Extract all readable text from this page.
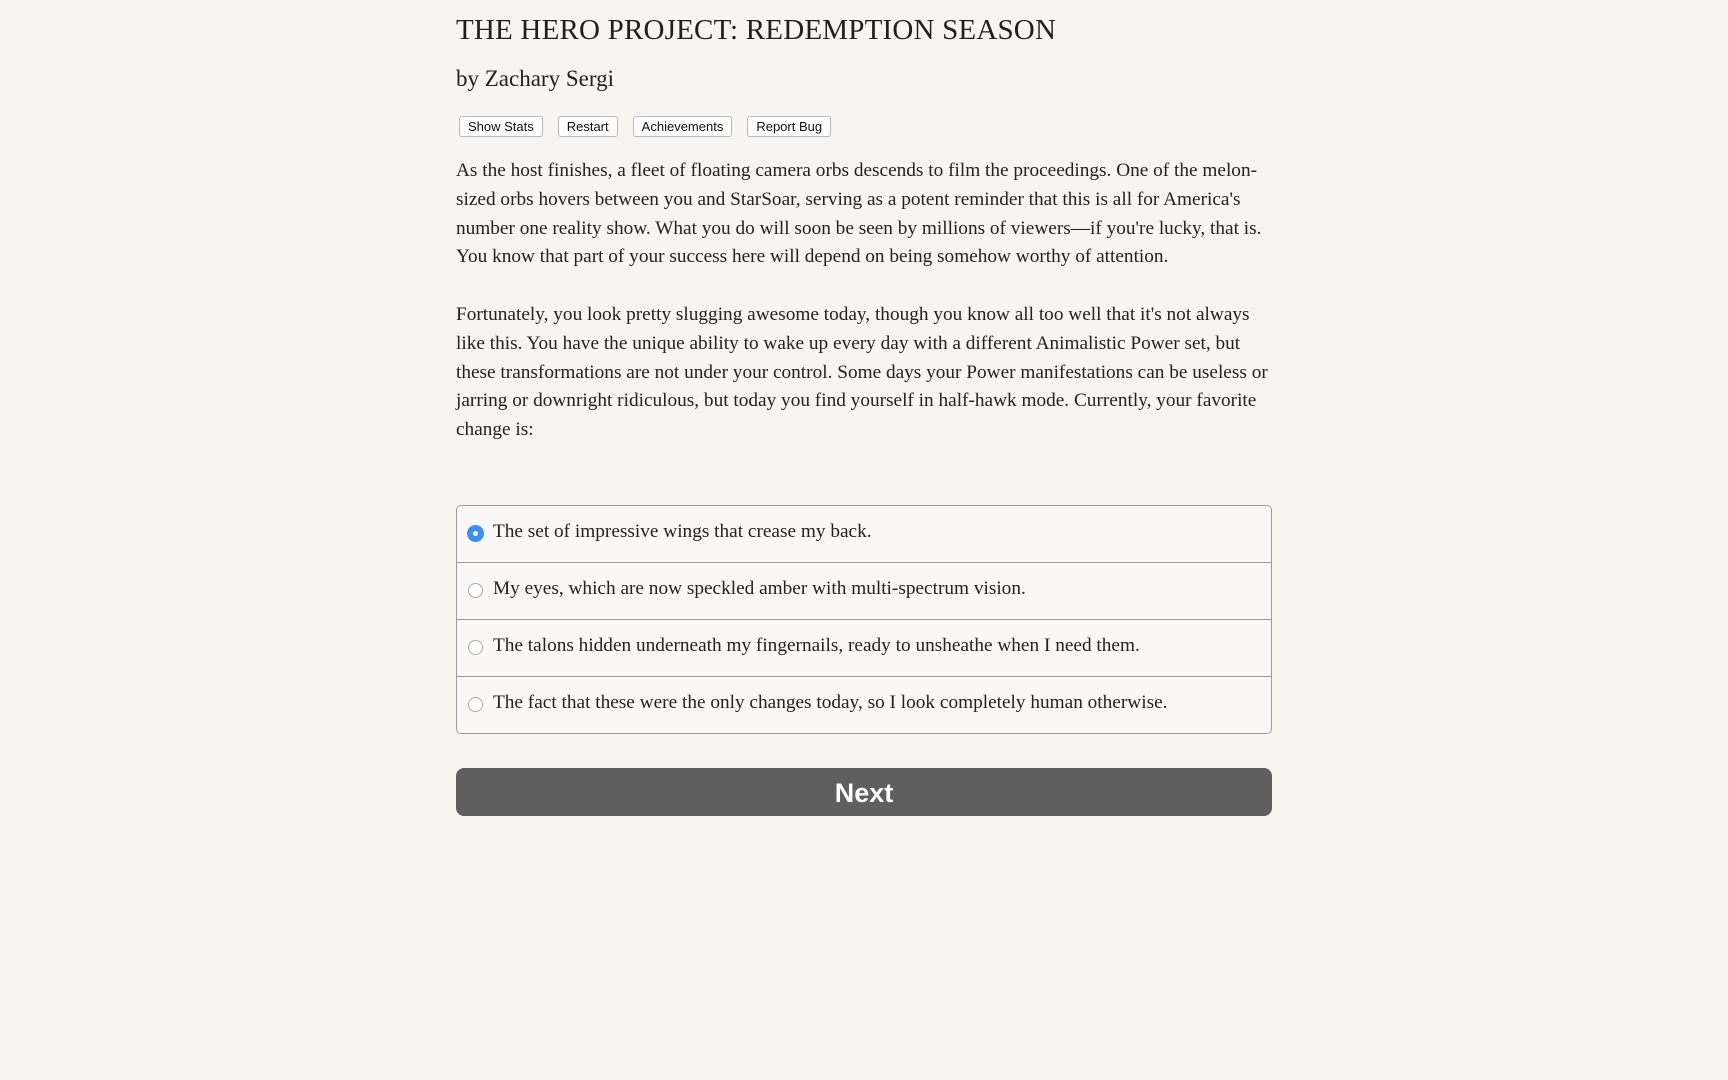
THE HERO PROJECT: REDEMPTION SEASON
by Zachary Sergi
Show Stats	Restart	Achievements	Report Bug

As the host finishes, a fleet of floating camera orbs descends to film the proceedings. One of the melon-sized orbs hovers between you and StarSoar, serving as a potent reminder that this is all for America's number one reality show. What you do will soon be seen by millions of viewers—if you're lucky, that is. You know that part of your success here will depend on being somehow worthy of attention.

Fortunately, you look pretty slugging awesome today, though you know all too well that it's not always like this. You have the unique ability to wake up every day with a different Animalistic Power set, but these transformations are not under your control. Some days your Power manifestations can be useless or jarring or downright ridiculous, but today you find yourself in half-hawk mode. Currently, your favorite change is:

The set of impressive wings that crease my back.
My eyes, which are now speckled amber with multi-spectrum vision.
The talons hidden underneath my fingernails, ready to unsheathe when I need them.
The fact that these were the only changes today, so I look completely human otherwise.
Next
